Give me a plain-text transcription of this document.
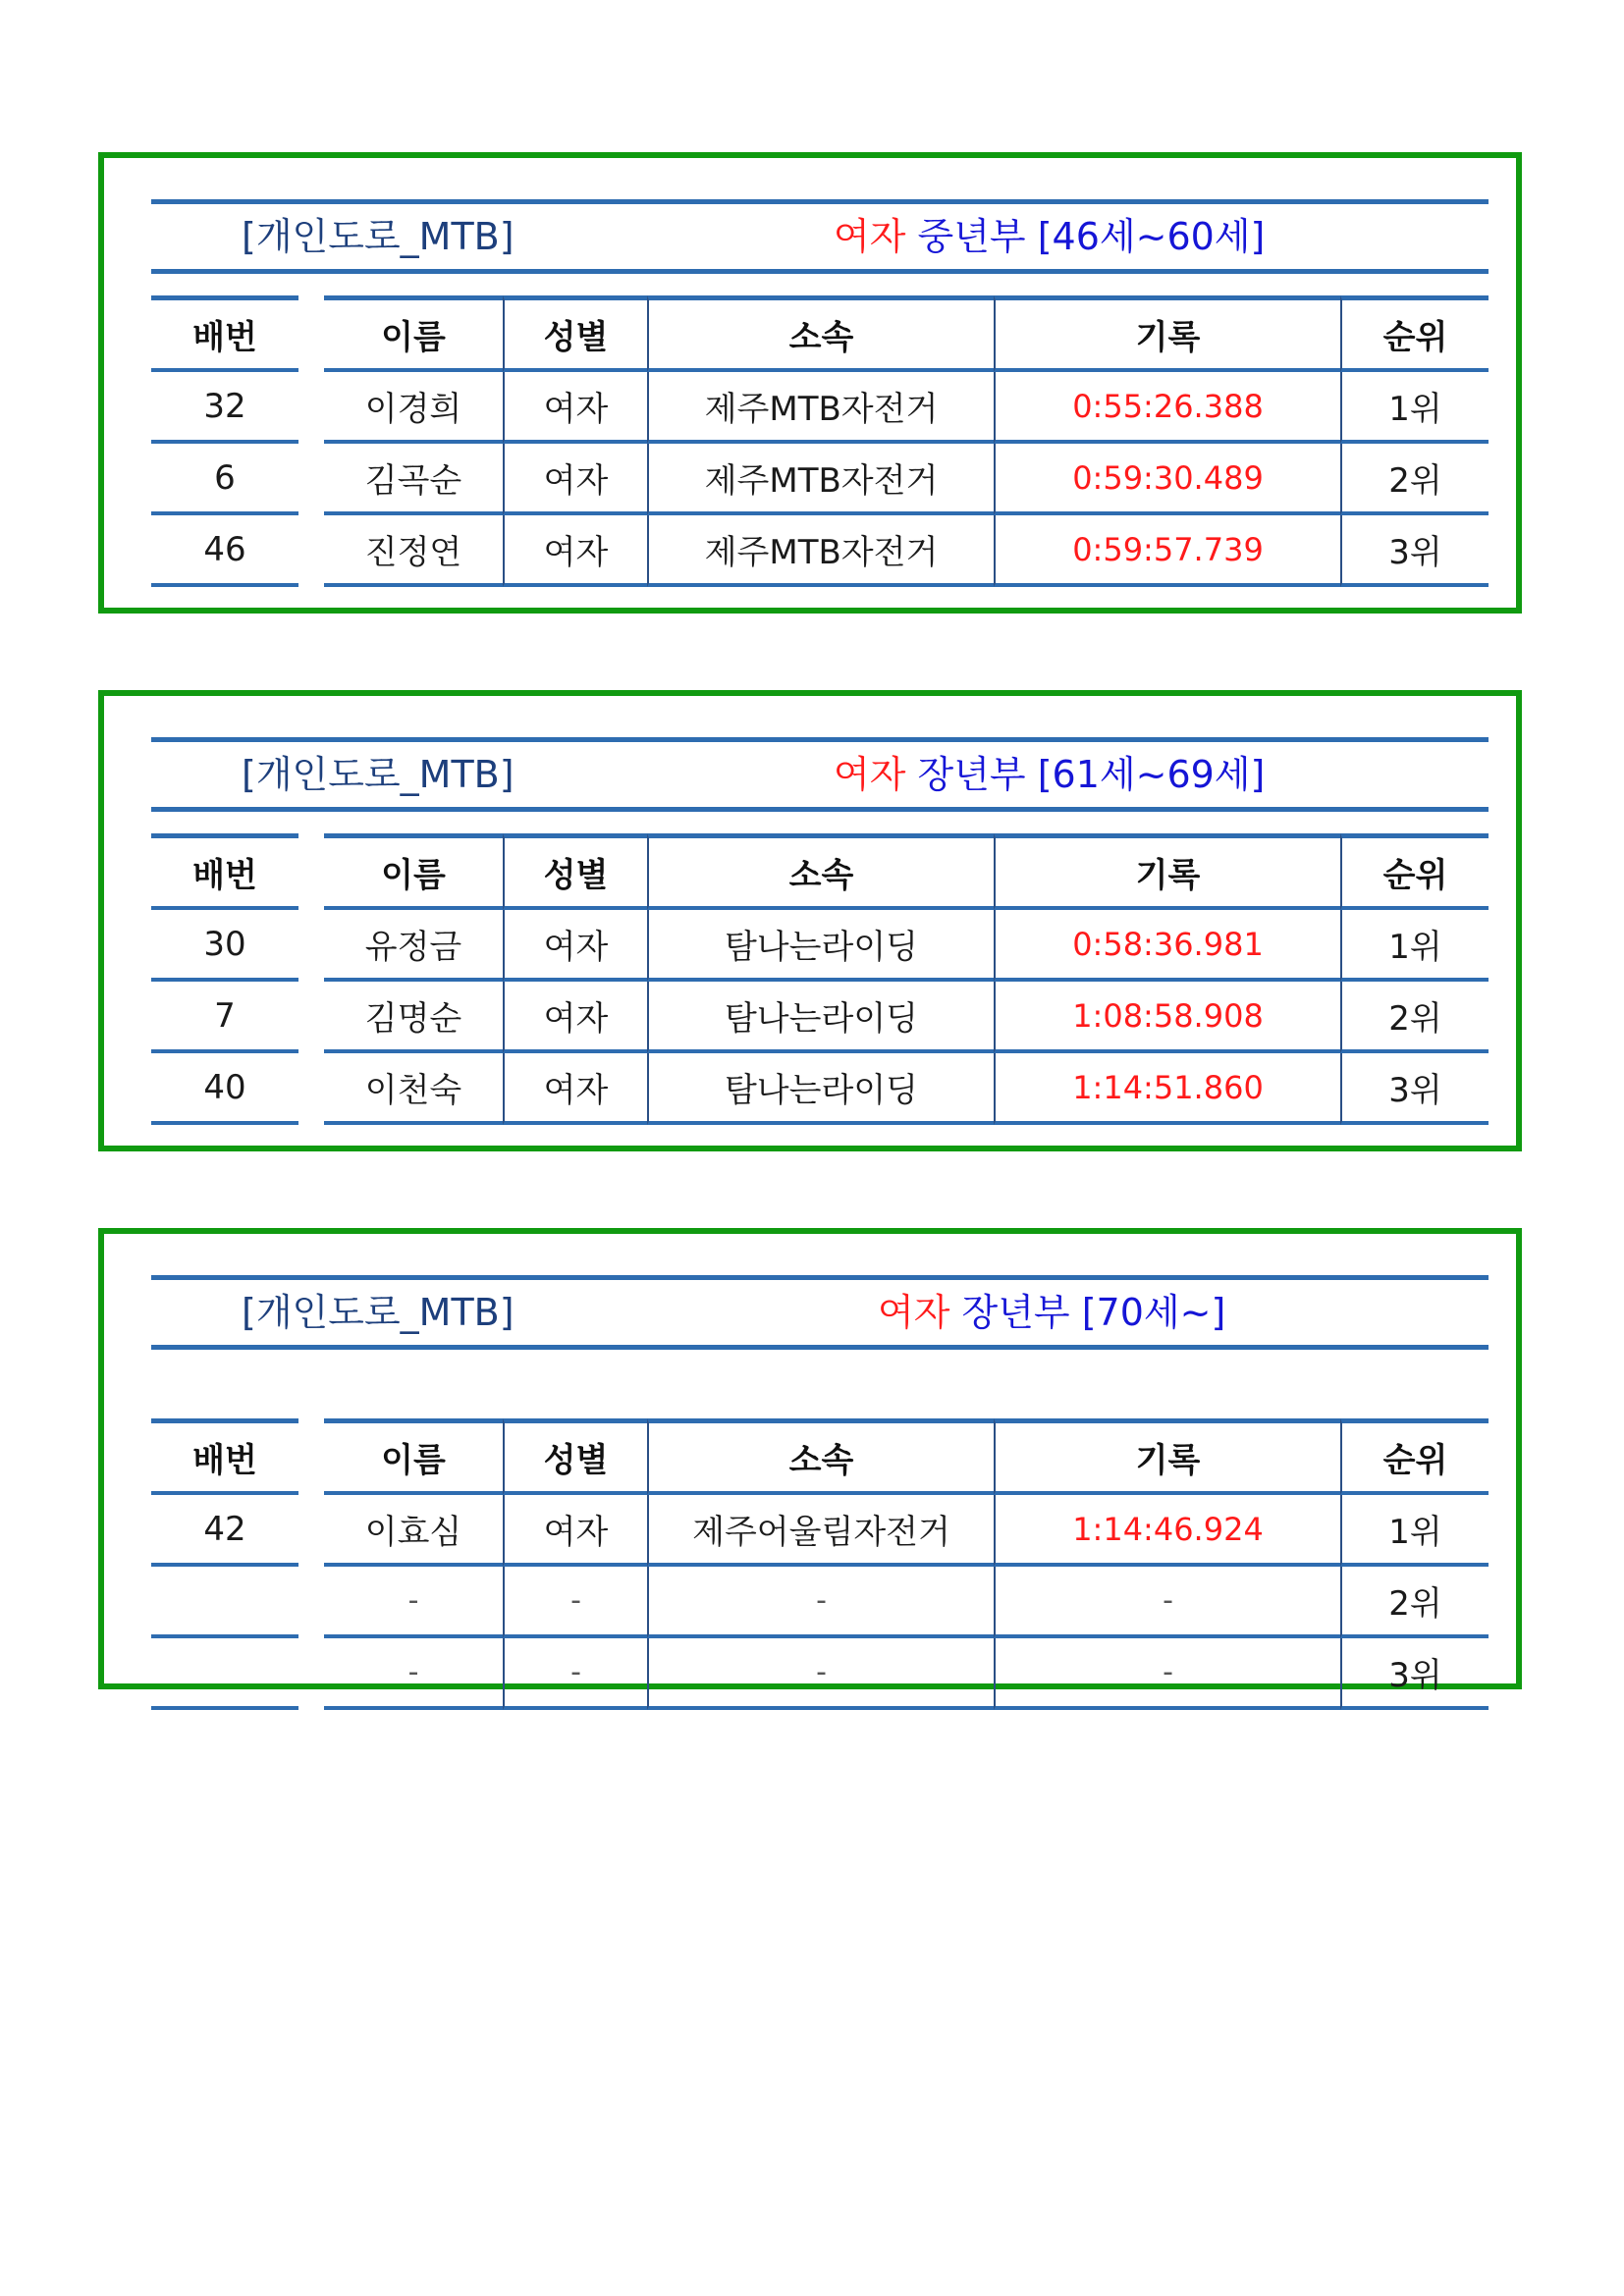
[개인도로_MTB]	여자 중년부 [46세~60세]
배번		이름	성별	소속	기록	순위
32		이경희	여자	제주MTB자전거	0:55:26.388	1위
6		김곡순	여자	제주MTB자전거	0:59:30.489	2위
46		진정연	여자	제주MTB자전거	0:59:57.739	3위
[개인도로_MTB]	여자 장년부 [61세~69세]
배번		이름	성별	소속	기록	순위
30		유정금	여자	탐나는라이딩	0:58:36.981	1위
7		김명순	여자	탐나는라이딩	1:08:58.908	2위
40		이천숙	여자	탐나는라이딩	1:14:51.860	3위
[개인도로_MTB]	여자 장년부 [70세~]
배번		이름	성별	소속	기록	순위
42		이효심	여자	제주어울림자전거	1:14:46.924	1위
		-	-	-	-	2위
		-	-	-	-	3위
